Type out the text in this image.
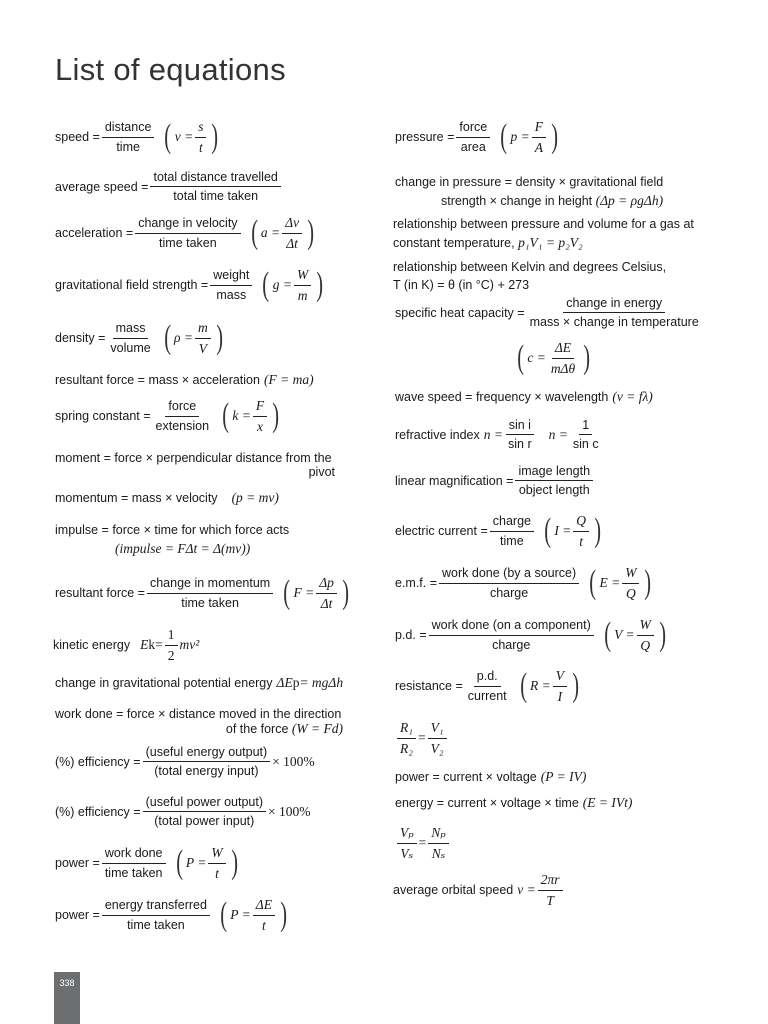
List of equations
speed = $\frac{\text{distance}}{\text{time}}$ ( $v = \frac{s}{t}$ )
average speed = $\frac{\text{total distance travelled}}{\text{total time taken}}$
acceleration = $\frac{\text{change in velocity}}{\text{time taken}}$ ( $a = \frac{\Delta v}{\Delta t}$ )
gravitational field strength = $\frac{\text{weight}}{\text{mass}}$ ( $g = \frac{W}{m}$ )
density = $\frac{\text{mass}}{\text{volume}}$ ( $\rho = \frac{m}{V}$ )
resultant force = mass × acceleration (F = ma)
spring constant = $\frac{\text{force}}{\text{extension}}$ ( $k = \frac{F}{x}$ )
moment = force × perpendicular distance from the
pivot
momentum = mass × velocity (p = mv)
impulse = force × time for which force acts
(impulse = FΔt = Δ(mv))
resultant force = $\frac{\text{change in momentum}}{\text{time taken}}$ ( $F = \frac{\Delta p}{\Delta t}$ )
kinetic energy E $k = \frac{1}{2} mv^2$
change in gravitational potential energy ΔE p = mgΔh
work done = force × distance moved in the direction
of the force (W = Fd)
(%) efficiency = $\frac{\text{(useful energy output)}}{\text{(total energy input)}} \times 100\%$
(%) efficiency = $\frac{\text{(useful power output)}}{\text{(total power input)}} \times 100\%$
power = $\frac{\text{work done}}{\text{time taken}}$ ( $P = \frac{W}{t}$ )
power = $\frac{\text{energy transferred}}{\text{time taken}}$ ( $P = \frac{\Delta E}{t}$ )
pressure = $\frac{\text{force}}{\text{area}}$ ( $p = \frac{F}{A}$ )
change in pressure = density × gravitational field
strength × change in height (Δp = ρgΔh)
relationship between pressure and volume for a gas at
constant temperature, p₁V₁ = p₂V₂
relationship between Kelvin and degrees Celsius,
T (in K) = θ (in °C) + 273
specific heat capacity = $\frac{\text{change in energy}}{\text{mass × change in temperature}}$
( $c = \frac{\Delta E}{\text{mΔθ}}$ )
wave speed = frequency × wavelength (v = fλ)
refractive index $n = \frac{\text{sin i}}{\text{sin r}}$ $n = \frac{1}{\text{sin c}}$
linear magnification = $\frac{\text{image length}}{\text{object length}}$
electric current = $\frac{\text{charge}}{\text{time}}$ ( $I = \frac{Q}{t}$ )
e.m.f. = $\frac{\text{work done (by a source)}}{\text{charge}}$ ( $E = \frac{W}{Q}$ )
p.d. = $\frac{\text{work done (on a component)}}{\text{charge}}$ ( $V = \frac{W}{Q}$ )
resistance = $\frac{p.d.}{\text{current}}$ ( $R = \frac{V}{I}$ )
$\frac{\text{R₁}}{\text{R₂}} = \frac{\text{V₁}}{\text{V₂}}$
power = current × voltage (P = IV)
energy = current × voltage × time (E = IVt)
$\frac{\text{Vₚ}}{\text{Vₛ}} = \frac{\text{Nₚ}}{\text{Nₛ}}$
average orbital speed $v = \frac{2\pi r}{T}$
338
